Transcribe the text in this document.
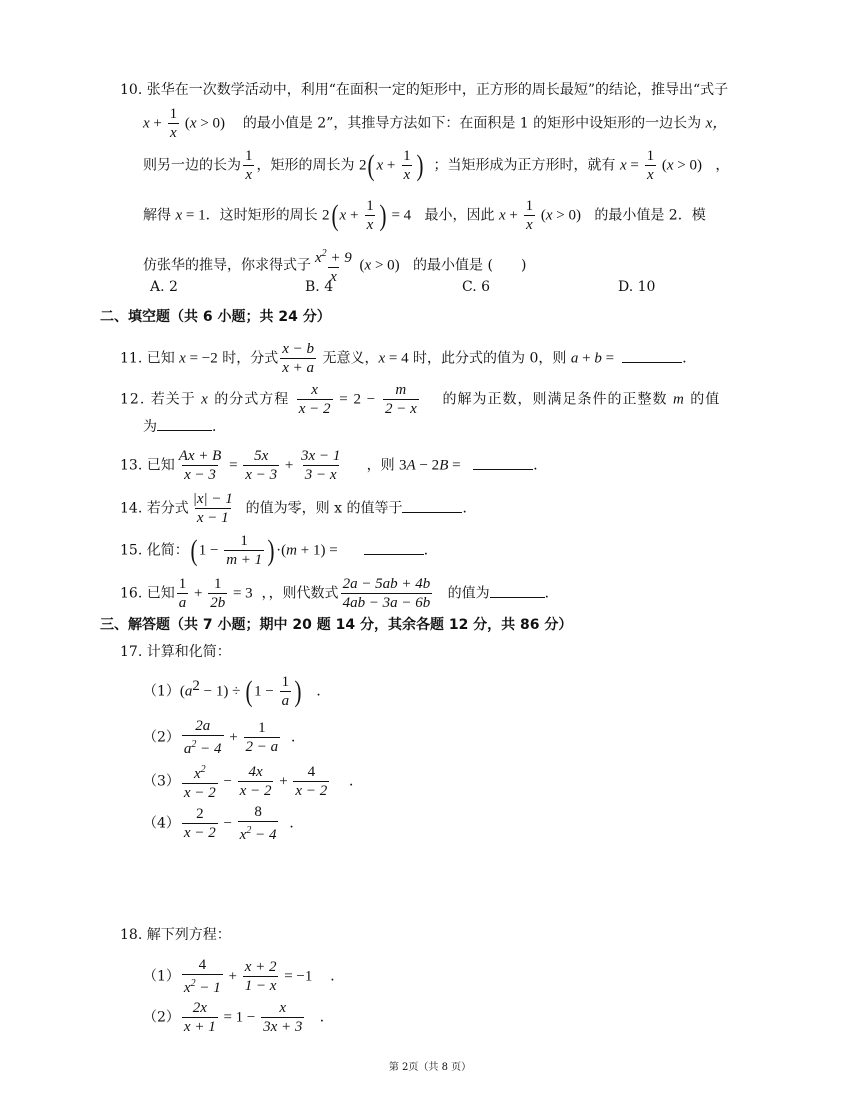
10. 张华在一次数学活动中，利用“在面积一定的矩形中，正方形的周长最短”的结论，推导出“式子
$x + \frac{1}{x} (x > 0)$ 的最小值是 2”，其推导方法如下：在面积是 1 的矩形中设矩形的一边长为 x，
则另一边的长为 $\frac{1}{x}$ ，矩形的周长为 2( $x + \frac{1}{x}$ ) ；当矩形成为正方形时，就有 $x = \frac{1}{x} (x > 0)$   ，
解得 x = 1．这时矩形的周长 2( $x + \frac{1}{x}$ ) = 4 最小，因此 $x + \frac{1}{x} (x > 0)$ 的最小值是 2．模
仿张华的推导，你求得式子 $\frac{x^2 + 9}{x} (x > 0)$ 的最小值是 (　　)
A. 2	B. 4	C. 6	D. 10
二、填空题（共 6 小题；共 24 分）
11. 已知 x = −2 时，分式 $\frac{x - b}{x + a}$ 无意义，x = 4 时，此分式的值为 0，则 a + b =	．
12. 若关于 x 的分式方程 $\frac{x}{x - 2} = 2 - \frac{m}{2 - x}$ 的解为正数，则满足条件的正整数 m 的值
为	．
13. 已知 $\frac{Ax + B}{x - 3} = \frac{5x}{x - 3} + \frac{3x - 1}{3 - x}$ ，则 3A − 2B =	．
14. 若分式 $\frac{|x| - 1}{x - 1}$ 的值为零，则 x 的值等于	．
15. 化简：( $1 - \frac{1}{m + 1}$ ) ·(m + 1) =	．
16. 已知 $\frac{1}{a} + \frac{1}{2b} = 3$  ，，则代数式 $\frac{2a - 5ab + 4b}{4ab - 3a - 6b}$ 的值为	．
三、解答题（共 7 小题；期中 20 题 14 分，其余各题 12 分，共 86 分）
17. 计算和化简：
$(1)(a^2 - 1)$ ÷ ( $1 - \frac{1}{a}$ )   ．
$(2) \frac{2a}{a^2 - 4} + \frac{1}{2 - a}$ ．
$(3) \frac{x^2}{x - 2} - \frac{4x}{x - 2} + \frac{4}{x - 2}$ ．
$(4) \frac{2}{x - 2} - \frac{8}{x^2 - 4}$ ．
18. 解下列方程：
$(1) \frac{4}{x^2 - 1} + \frac{x + 2}{1 - x} = -1$    ．
$(2) \frac{2x}{x + 1} = 1 - \frac{x}{3x + 3}$ ．
第 2页（共 8 页）
